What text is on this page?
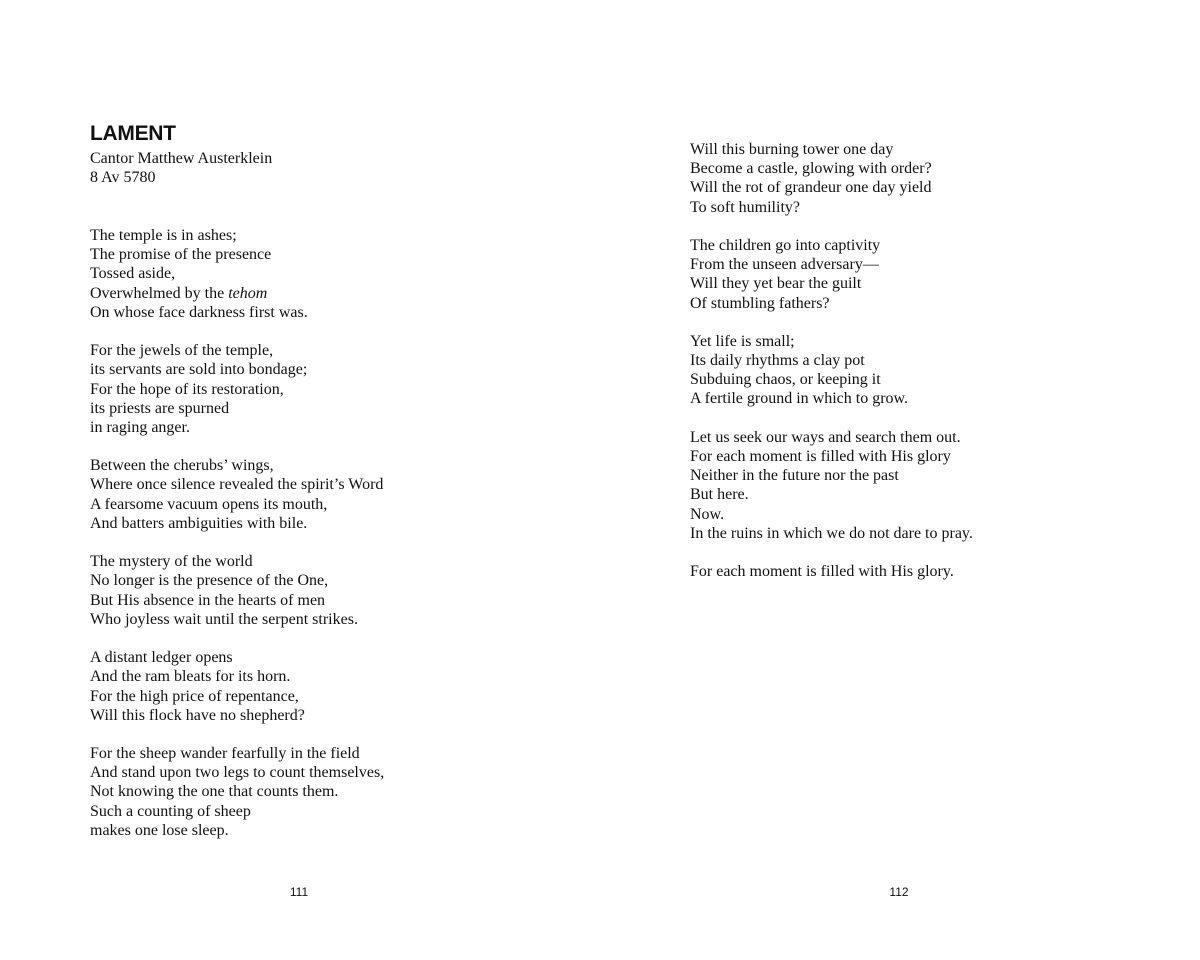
LAMENT
Cantor Matthew Austerklein
8 Av 5780
The temple is in ashes;
The promise of the presence
Tossed aside,
Overwhelmed by the tehom
On whose face darkness first was.
For the jewels of the temple,
its servants are sold into bondage;
For the hope of its restoration,
its priests are spurned
in raging anger.
Between the cherubs’ wings,
Where once silence revealed the spirit’s Word
A fearsome vacuum opens its mouth,
And batters ambiguities with bile.
The mystery of the world
No longer is the presence of the One,
But His absence in the hearts of men
Who joyless wait until the serpent strikes.
A distant ledger opens
And the ram bleats for its horn.
For the high price of repentance,
Will this flock have no shepherd?
For the sheep wander fearfully in the field
And stand upon two legs to count themselves,
Not knowing the one that counts them.
Such a counting of sheep
makes one lose sleep.
111
Will this burning tower one day
Become a castle, glowing with order?
Will the rot of grandeur one day yield
To soft humility?
The children go into captivity
From the unseen adversary—
Will they yet bear the guilt
Of stumbling fathers?
Yet life is small;
Its daily rhythms a clay pot
Subduing chaos, or keeping it
A fertile ground in which to grow.
Let us seek our ways and search them out.
For each moment is filled with His glory
Neither in the future nor the past
But here.
Now.
In the ruins in which we do not dare to pray.
For each moment is filled with His glory.
112
